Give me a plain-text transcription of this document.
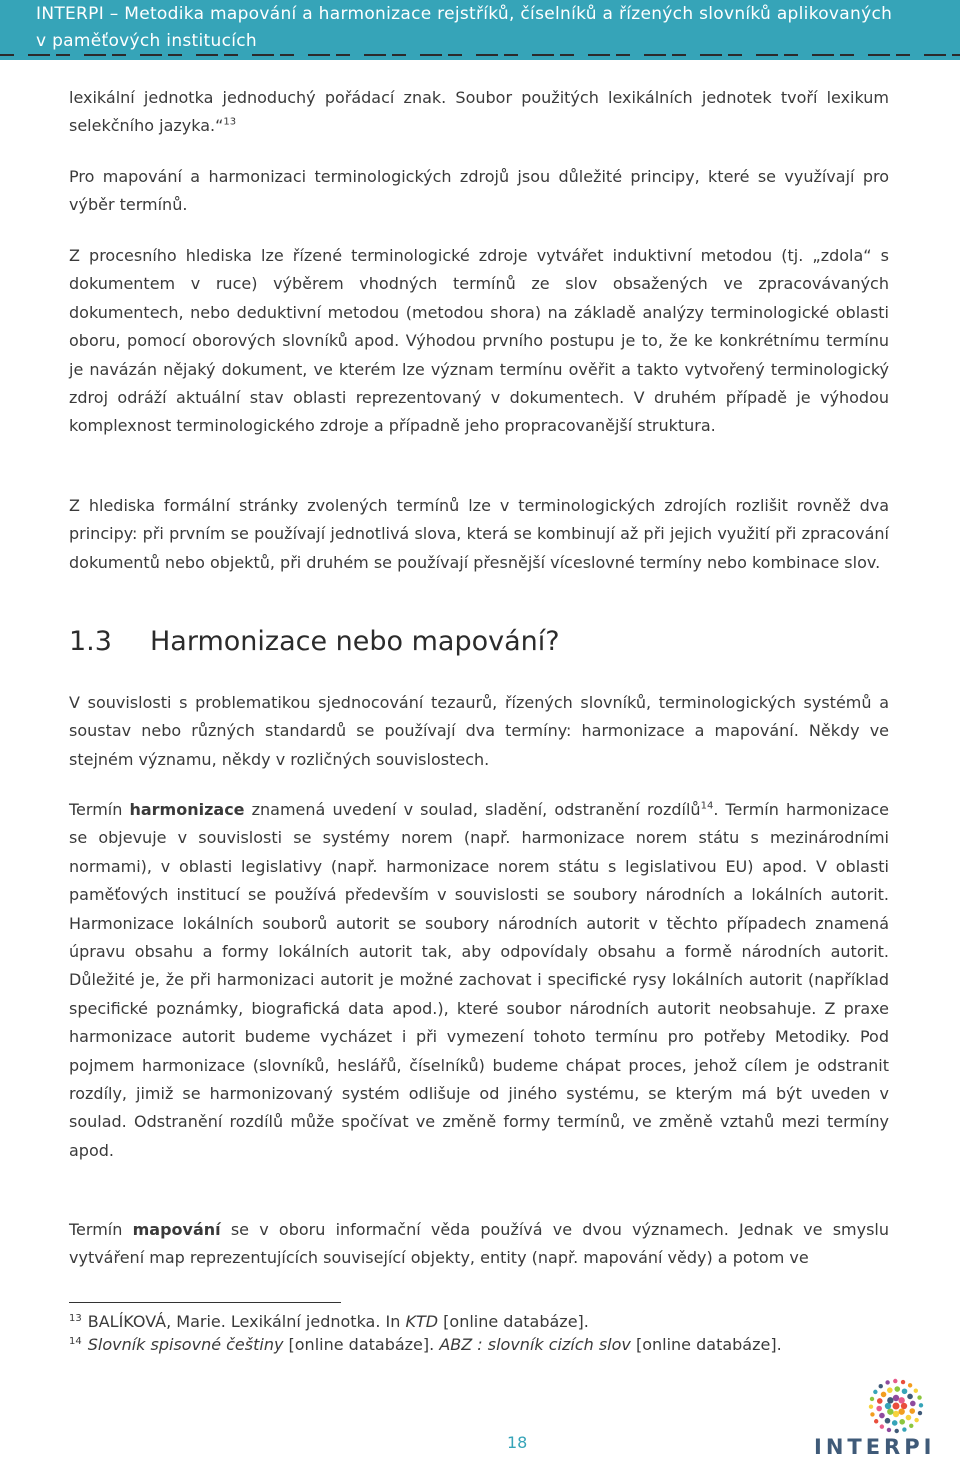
INTERPI – Metodika mapování a harmonizace rejstříků, číselníků a řízených slovníků aplikovaných
v paměťových institucích
lexikální jednotka jednoduchý pořádací znak. Soubor použitých lexikálních jednotek tvoří lexikum selekčního jazyka.“$^{13}$
Pro mapování a harmonizaci terminologických zdrojů jsou důležité principy, které se využívají pro výběr termínů.
Z procesního hlediska lze řízené terminologické zdroje vytvářet induktivní metodou (tj. „zdola“ s dokumentem v ruce) výběrem vhodných termínů ze slov obsažených ve zpracovávaných dokumentech, nebo deduktivní metodou (metodou shora) na základě analýzy terminologické oblasti oboru, pomocí oborových slovníků apod. Výhodou prvního postupu je to, že ke konkrétnímu termínu je navázán nějaký dokument, ve kterém lze význam termínu ověřit a takto vytvořený terminologický zdroj odráží aktuální stav oblasti reprezentovaný v dokumentech. V druhém případě je výhodou komplexnost terminologického zdroje a případně jeho propracovanější struktura.
Z hlediska formální stránky zvolených termínů lze v terminologických zdrojích rozlišit rovněž dva principy: při prvním se používají jednotlivá slova, která se kombinují až při jejich využití při zpracování dokumentů nebo objektů, při druhém se používají přesnější víceslovné termíny nebo kombinace slov.
1.3 Harmonizace nebo mapování?
V souvislosti s problematikou sjednocování tezaurů, řízených slovníků, terminologických systémů a soustav nebo různých standardů se používají dva termíny: harmonizace a mapování. Někdy ve stejném významu, někdy v rozličných souvislostech.
Termín harmonizace znamená uvedení v soulad, sladění, odstranění rozdílů$^{14}$. Termín harmonizace se objevuje v souvislosti se systémy norem (např. harmonizace norem státu s mezinárodními normami), v oblasti legislativy (např. harmonizace norem státu s legislativou EU) apod. V oblasti paměťových institucí se používá především v souvislosti se soubory národních a lokálních autorit. Harmonizace lokálních souborů autorit se soubory národních autorit v těchto případech znamená úpravu obsahu a formy lokálních autorit tak, aby odpovídaly obsahu a formě národních autorit. Důležité je, že při harmonizaci autorit je možné zachovat i specifické rysy lokálních autorit (například specifické poznámky, biografická data apod.), které soubor národních autorit neobsahuje. Z praxe harmonizace autorit budeme vycházet i při vymezení tohoto termínu pro potřeby Metodiky. Pod pojmem harmonizace (slovníků, heslářů, číselníků) budeme chápat proces, jehož cílem je odstranit rozdíly, jimiž se harmonizovaný systém odlišuje od jiného systému, se kterým má být uveden v soulad. Odstranění rozdílů může spočívat ve změně formy termínů, ve změně vztahů mezi termíny apod.
Termín mapování se v oboru informační věda používá ve dvou významech. Jednak ve smyslu vytváření map reprezentujících související objekty, entity (např. mapování vědy) a potom ve
$^{13}$ BALÍKOVÁ, Marie. Lexikální jednotka. In KTD [online databáze].
$^{14}$ Slovník spisovné češtiny [online databáze]. ABZ : slovník cizích slov [online databáze].
18	INTERPI
